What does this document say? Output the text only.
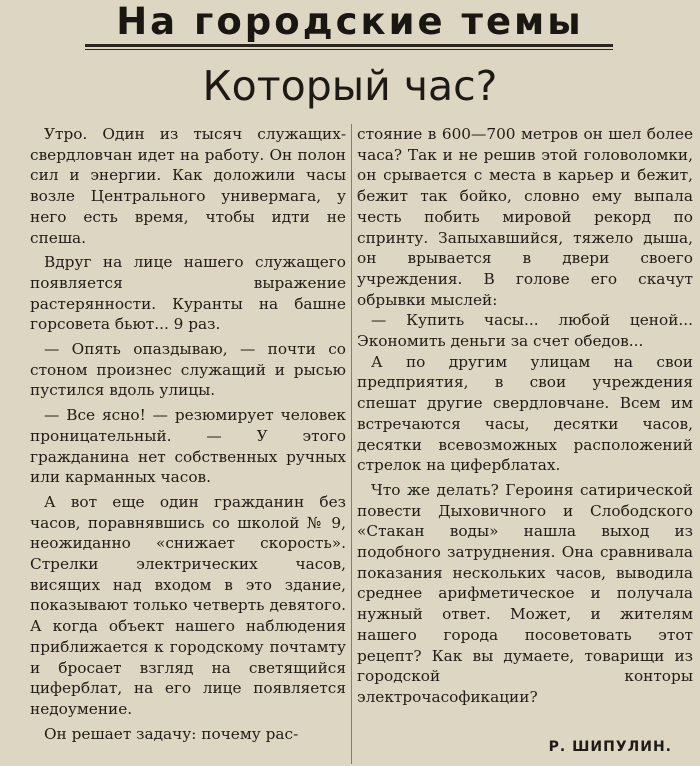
На городские темы
Который час?

Утро. Один из тысяч служащих-свердловчан идет на работу. Он полон сил и энергии. Как доложили часы возле Центрального универмага, у него есть время, чтобы идти не спеша.

Вдруг на лице нашего служащего появляется выражение растерянности. Куранты на башне горсовета бьют... 9 раз.

— Опять опаздываю, — почти со стоном произнес служащий и рысью пустился вдоль улицы.

— Все ясно! — резюмирует человек проницательный. — У этого гражданина нет собственных ручных или карманных часов.

А вот еще один гражданин без часов, поравнявшись со школой № 9, неожиданно «снижает скорость». Стрелки электрических часов, висящих над входом в это здание, показывают только четверть девятого. А когда объект нашего наблюдения приближается к городскому почтамту и бросает взгляд на светящийся циферблат, на его лице появляется недоумение.

Он решает задачу: почему рас-

стояние в 600—700 метров он шел более часа? Так и не решив этой головоломки, он срывается с места в карьер и бежит, бежит так бойко, словно ему выпала честь побить мировой рекорд по спринту. Запыхавшийся, тяжело дыша, он врывается в двери своего учреждения. В голове его скачут обрывки мыслей:

— Купить часы... любой ценой... Экономить деньги за счет обедов...

А по другим улицам на свои предприятия, в свои учреждения спешат другие свердловчане. Всем им встречаются часы, десятки часов, десятки всевозможных расположений стрелок на циферблатах.

Что же делать? Героиня сатирической повести Дыховичного и Слободского «Стакан воды» нашла выход из подобного затруднения. Она сравнивала показания нескольких часов, выводила среднее арифметическое и получала нужный ответ. Может, и жителям нашего города посоветовать этот рецепт? Как вы думаете, товарищи из городской конторы электрочасофикации?

Р. ШИПУЛИН.
